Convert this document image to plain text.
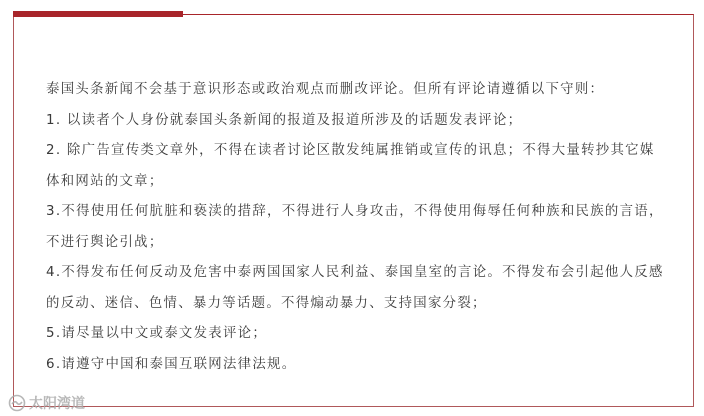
泰国头条新闻不会基于意识形态或政治观点而删改评论。但所有评论请遵循以下守则：

1. 以读者个人身份就泰国头条新闻的报道及报道所涉及的话题发表评论；

2. 除广告宣传类文章外，不得在读者讨论区散发纯属推销或宣传的讯息；不得大量转抄其它媒体和网站的文章；

3.不得使用任何肮脏和亵渎的措辞，不得进行人身攻击，不得使用侮辱任何种族和民族的言语，不进行舆论引战；

4.不得发布任何反动及危害中泰两国国家人民利益、泰国皇室的言论。不得发布会引起他人反感的反动、迷信、色情、暴力等话题。不得煽动暴力、支持国家分裂；

5.请尽量以中文或泰文发表评论；

6.请遵守中国和泰国互联网法律法规。

太阳湾道
